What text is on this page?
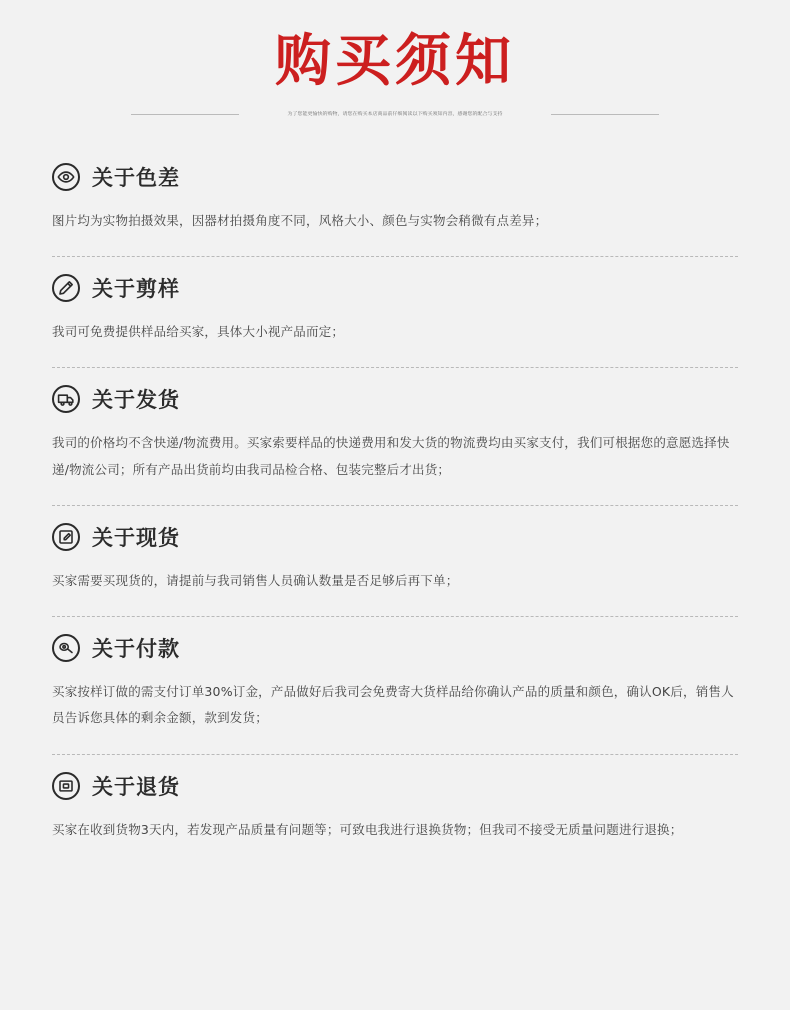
购买须知
为了您能更愉快的购物，请您在购买本店商品前仔细阅读以下购买须知内容，感谢您的配合与支持
关于色差
图片均为实物拍摄效果，因器材拍摄角度不同，风格大小、颜色与实物会稍微有点差异；
关于剪样
我司可免费提供样品给买家，具体大小视产品而定；
关于发货
我司的价格均不含快递/物流费用。买家索要样品的快递费用和发大货的物流费均由买家支付，我们可根据您的意愿选择快递/物流公司；所有产品出货前均由我司品检合格、包装完整后才出货；
关于现货
买家需要买现货的，请提前与我司销售人员确认数量是否足够后再下单；
关于付款
买家按样订做的需支付订单30%订金，产品做好后我司会免费寄大货样品给你确认产品的质量和颜色，确认OK后，销售人员告诉您具体的剩余金额，款到发货；
关于退货
买家在收到货物3天内，若发现产品质量有问题等；可致电我进行退换货物；但我司不接受无质量问题进行退换；
